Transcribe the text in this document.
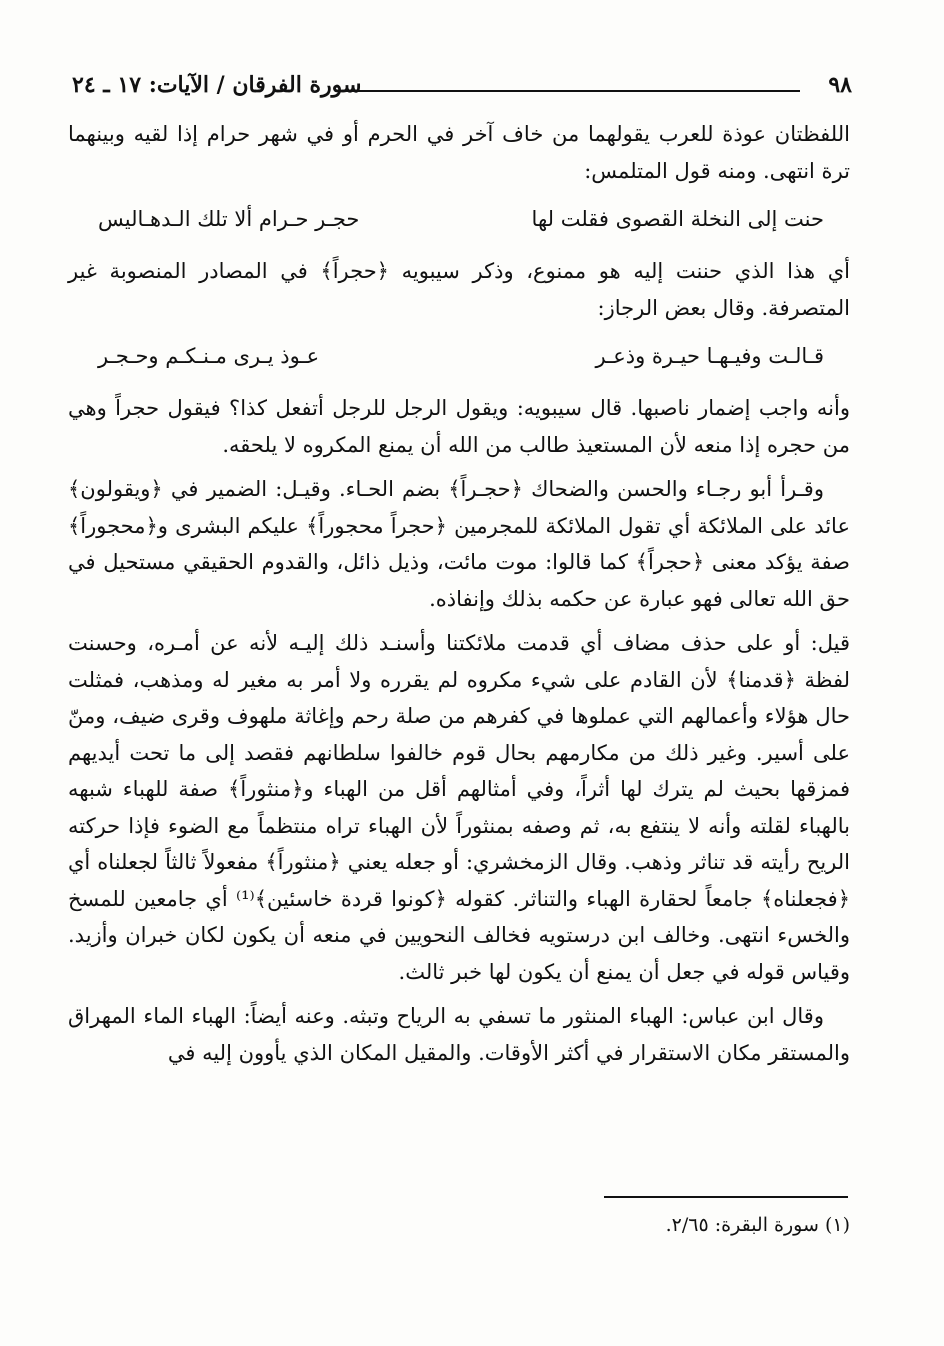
٩٨
سورة الفرقان / الآيات: ١٧ ـ ٢٤

اللفظتان عوذة للعرب يقولهما من خاف آخر في الحرم أو في شهر حرام إذا لقيه وبينهما ترة انتهى. ومنه قول المتلمس:

حنت إلى النخلة القصوى فقلت لها
حجـر حـرام ألا تلك الـدهـاليس

أي هذا الذي حننت إليه هو ممنوع، وذكر سيبويه ﴿حجراً﴾ في المصادر المنصوبة غير المتصرفة. وقال بعض الرجاز:

قـالـت وفيـهـا حيـرة وذعـر
عـوذ يـرى مـنـكـم وحـجـر

وأنه واجب إضمار ناصبها. قال سيبويه: ويقول الرجل للرجل أتفعل كذا؟ فيقول حجراً وهي من حجره إذا منعه لأن المستعيذ طالب من الله أن يمنع المكروه لا يلحقه.

وقـرأ أبو رجـاء والحسن والضحاك ﴿حجـراً﴾ بضم الحـاء. وقيـل: الضمير في ﴿ويقولون﴾ عائد على الملائكة أي تقول الملائكة للمجرمين ﴿حجراً محجوراً﴾ عليكم البشرى و﴿محجوراً﴾ صفة يؤكد معنى ﴿حجراً﴾ كما قالوا: موت مائت، وذيل ذائل، والقدوم الحقيقي مستحيل في حق الله تعالى فهو عبارة عن حكمه بذلك وإنفاذه.

قيل: أو على حذف مضاف أي قدمت ملائكتنا وأسنـد ذلك إليـه لأنه عن أمـره، وحسنت لفظة ﴿قدمنا﴾ لأن القادم على شيء مكروه لم يقرره ولا أمر به مغير له ومذهب، فمثلت حال هؤلاء وأعمالهم التي عملوها في كفرهم من صلة رحم وإغاثة ملهوف وقرى ضيف، ومنّ على أسير. وغير ذلك من مكارمهم بحال قوم خالفوا سلطانهم فقصد إلى ما تحت أيديهم فمزقها بحيث لم يترك لها أثراً، وفي أمثالهم أقل من الهباء و﴿منثوراً﴾ صفة للهباء شبهه بالهباء لقلته وأنه لا ينتفع به، ثم وصفه بمنثوراً لأن الهباء تراه منتظماً مع الضوء فإذا حركته الريح رأيته قد تناثر وذهب. وقال الزمخشري: أو جعله يعني ﴿منثوراً﴾ مفعولاً ثالثاً لجعلناه أي ﴿فجعلناه﴾ جامعاً لحقارة الهباء والتناثر. كقوله ﴿كونوا قردة خاسئين﴾⁽¹⁾ أي جامعين للمسخ والخسء انتهى. وخالف ابن درستويه فخالف النحويين في منعه أن يكون لكان خبران وأزيد. وقياس قوله في جعل أن يمنع أن يكون لها خبر ثالث.

وقال ابن عباس: الهباء المنثور ما تسفي به الرياح وتبثه. وعنه أيضاً: الهباء الماء المهراق والمستقر مكان الاستقرار في أكثر الأوقات. والمقيل المكان الذي يأوون إليه في

(١) سورة البقرة: ٢/٦٥.
